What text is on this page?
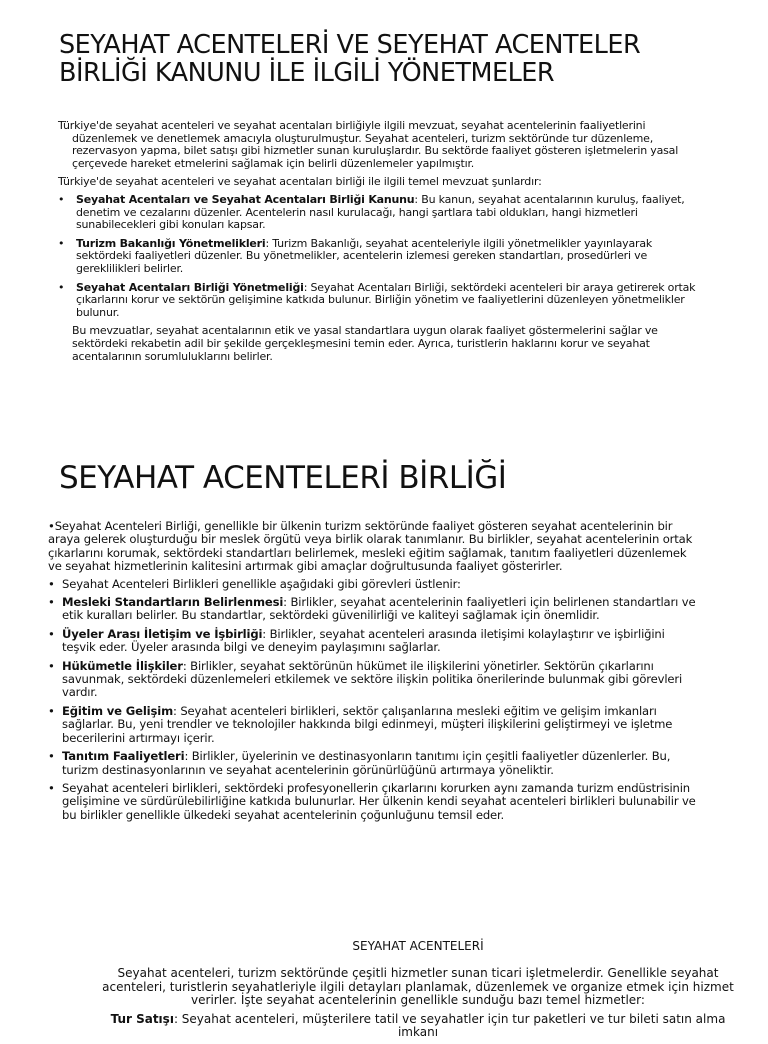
SEYAHAT ACENTELERİ VE SEYEHAT ACENTELER
BİRLİĞİ KANUNU İLE İLGİLİ YÖNETMELER

Türkiye'de seyahat acenteleri ve seyahat acentaları birliğiyle ilgili mevzuat, seyahat acentelerinin faaliyetlerini düzenlemek ve denetlemek amacıyla oluşturulmuştur. Seyahat acenteleri, turizm sektöründe tur düzenleme, rezervasyon yapma, bilet satışı gibi hizmetler sunan kuruluşlardır. Bu sektörde faaliyet gösteren işletmelerin yasal çerçevede hareket etmelerini sağlamak için belirli düzenlemeler yapılmıştır.

Türkiye'de seyahat acenteleri ve seyahat acentaları birliği ile ilgili temel mevzuat şunlardır:

• Seyahat Acentaları ve Seyahat Acentaları Birliği Kanunu: Bu kanun, seyahat acentalarının kuruluş, faaliyet, denetim ve cezalarını düzenler. Acentelerin nasıl kurulacağı, hangi şartlara tabi oldukları, hangi hizmetleri sunabilecekleri gibi konuları kapsar.
• Turizm Bakanlığı Yönetmelikleri: Turizm Bakanlığı, seyahat acenteleriyle ilgili yönetmelikler yayınlayarak sektördeki faaliyetleri düzenler. Bu yönetmelikler, acentelerin izlemesi gereken standartları, prosedürleri ve gereklilikleri belirler.
• Seyahat Acentaları Birliği Yönetmeliği: Seyahat Acentaları Birliği, sektördeki acenteleri bir araya getirerek ortak çıkarlarını korur ve sektörün gelişimine katkıda bulunur. Birliğin yönetim ve faaliyetlerini düzenleyen yönetmelikler bulunur.

Bu mevzuatlar, seyahat acentalarının etik ve yasal standartlara uygun olarak faaliyet göstermelerini sağlar ve sektördeki rekabetin adil bir şekilde gerçekleşmesini temin eder. Ayrıca, turistlerin haklarını korur ve seyahat acentalarının sorumluluklarını belirler.

SEYAHAT ACENTELERİ BİRLİĞİ

•Seyahat Acenteleri Birliği, genellikle bir ülkenin turizm sektöründe faaliyet gösteren seyahat acentelerinin bir araya gelerek oluşturduğu bir meslek örgütü veya birlik olarak tanımlanır. Bu birlikler, seyahat acentelerinin ortak çıkarlarını korumak, sektördeki standartları belirlemek, mesleki eğitim sağlamak, tanıtım faaliyetleri düzenlemek ve seyahat hizmetlerinin kalitesini artırmak gibi amaçlar doğrultusunda faaliyet gösterirler.

• Seyahat Acenteleri Birlikleri genellikle aşağıdaki gibi görevleri üstlenir:
• Mesleki Standartların Belirlenmesi: Birlikler, seyahat acentelerinin faaliyetleri için belirlenen standartları ve etik kuralları belirler. Bu standartlar, sektördeki güvenilirliği ve kaliteyi sağlamak için önemlidir.
• Üyeler Arası İletişim ve İşbirliği: Birlikler, seyahat acenteleri arasında iletişimi kolaylaştırır ve işbirliğini teşvik eder. Üyeler arasında bilgi ve deneyim paylaşımını sağlarlar.
• Hükümetle İlişkiler: Birlikler, seyahat sektörünün hükümet ile ilişkilerini yönetirler. Sektörün çıkarlarını savunmak, sektördeki düzenlemeleri etkilemek ve sektöre ilişkin politika önerilerinde bulunmak gibi görevleri vardır.
• Eğitim ve Gelişim: Seyahat acenteleri birlikleri, sektör çalışanlarına mesleki eğitim ve gelişim imkanları sağlarlar. Bu, yeni trendler ve teknolojiler hakkında bilgi edinmeyi, müşteri ilişkilerini geliştirmeyi ve işletme becerilerini artırmayı içerir.
• Tanıtım Faaliyetleri: Birlikler, üyelerinin ve destinasyonların tanıtımı için çeşitli faaliyetler düzenlerler. Bu, turizm destinasyonlarının ve seyahat acentelerinin görünürlüğünü artırmaya yöneliktir.
• Seyahat acenteleri birlikleri, sektördeki profesyonellerin çıkarlarını korurken aynı zamanda turizm endüstrisinin gelişimine ve sürdürülebilirliğine katkıda bulunurlar. Her ülkenin kendi seyahat acenteleri birlikleri bulunabilir ve bu birlikler genellikle ülkedeki seyahat acentelerinin çoğunluğunu temsil eder.

SEYAHAT ACENTELERİ

Seyahat acenteleri, turizm sektöründe çeşitli hizmetler sunan ticari işletmelerdir. Genellikle seyahat acenteleri, turistlerin seyahatleriyle ilgili detayları planlamak, düzenlemek ve organize etmek için hizmet verirler. İşte seyahat acentelerinin genellikle sunduğu bazı temel hizmetler:

Tur Satışı: Seyahat acenteleri, müşterilere tatil ve seyahatler için tur paketleri ve tur bileti satın alma imkanı
